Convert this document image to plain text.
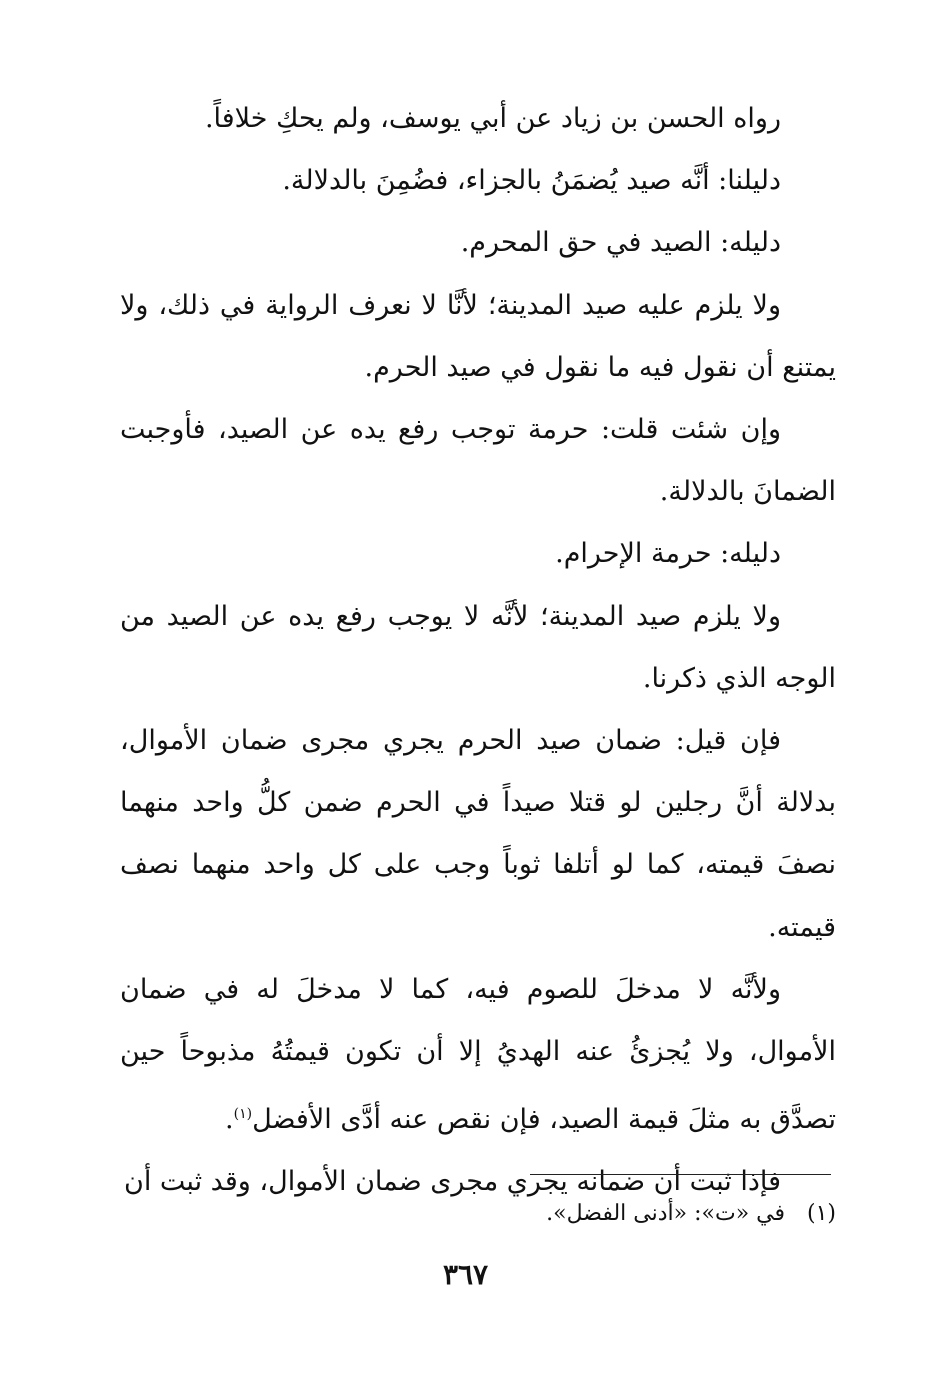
رواه الحسن بن زياد عن أبي يوسف، ولم يحكِ خلافاً.

دليلنا: أنَّه صيد يُضمَنُ بالجزاء، فضُمِنَ بالدلالة.

دليله: الصيد في حق المحرم.

ولا يلزم عليه صيد المدينة؛ لأنَّا لا نعرف الرواية في ذلك، ولا يمتنع أن نقول فيه ما نقول في صيد الحرم.

وإن شئت قلت: حرمة توجب رفع يده عن الصيد، فأوجبت الضمانَ بالدلالة.

دليله: حرمة الإحرام.

ولا يلزم صيد المدينة؛ لأنَّه لا يوجب رفع يده عن الصيد من الوجه الذي ذكرنا.

فإن قيل: ضمان صيد الحرم يجري مجرى ضمان الأموال، بدلالة أنَّ رجلين لو قتلا صيداً في الحرم ضمن كلُّ واحد منهما نصفَ قيمته، كما لو أتلفا ثوباً وجب على كل واحد منهما نصف قيمته.

ولأنَّه لا مدخلَ للصوم فيه، كما لا مدخلَ له في ضمان الأموال، ولا يُجزئُ عنه الهديُ إلا أن تكون قيمتُهُ مذبوحاً حين تصدَّق به مثلَ قيمة الصيد، فإن نقص عنه أدَّى الأفضل$^{(١)}$.

فإذا ثبت أن ضمانه يجري مجرى ضمان الأموال، وقد ثبت أن

(١) في «ت»: «أدنى الفضل».
٣٦٧
